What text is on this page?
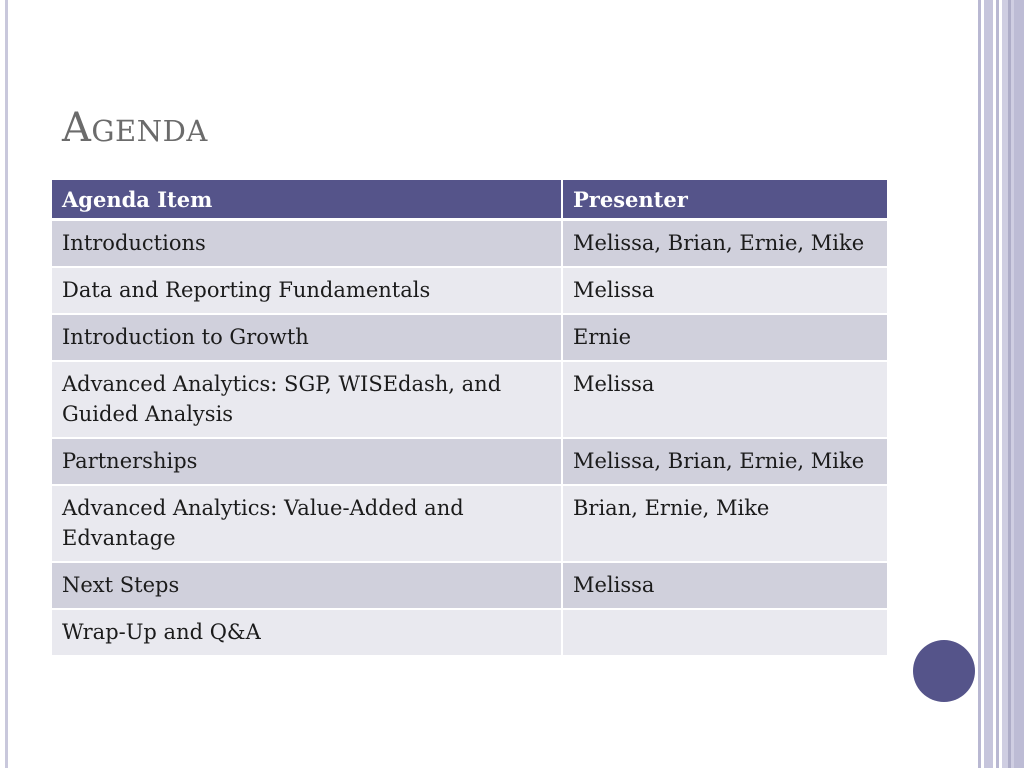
AGENDA
Agenda Item	Presenter
Introductions	Melissa, Brian, Ernie, Mike
Data and Reporting Fundamentals	Melissa
Introduction to Growth	Ernie
Advanced Analytics: SGP, WISEdash, and Guided Analysis	Melissa
Partnerships	Melissa, Brian, Ernie, Mike
Advanced Analytics: Value-Added and Edvantage	Brian, Ernie, Mike
Next Steps	Melissa
Wrap-Up and Q&A	
